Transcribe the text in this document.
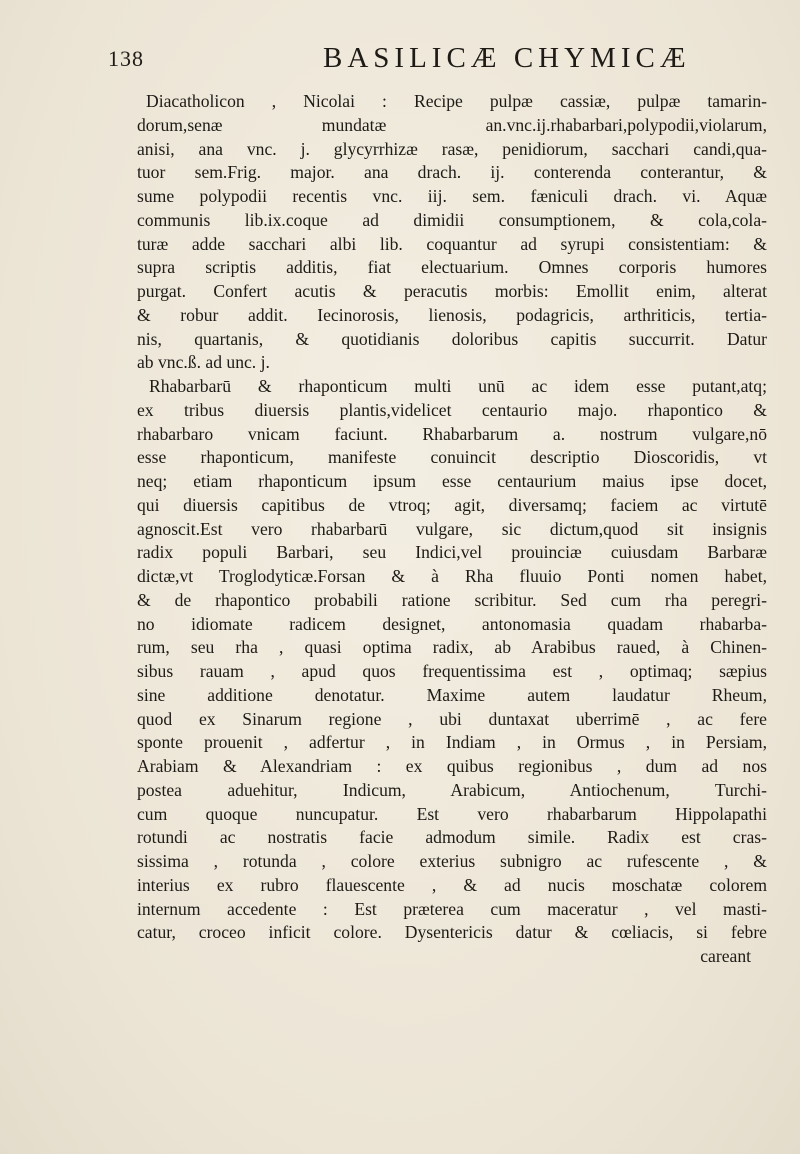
138	BASILICÆ CHYMICÆ
Diacatholicon , Nicolai : Recipe pulpæ cassiæ, pulpæ tamarin-
dorum,senæ mundatæ an.vnc.ij.rhabarbari,polypodii,violarum,
anisi, ana vnc. j. glycyrrhizæ rasæ, penidiorum, sacchari candi,qua-
tuor sem.Frig. major. ana drach. ij. conterenda conterantur, &
sume polypodii recentis vnc. iij. sem. fæniculi drach. vi. Aquæ
communis lib.ix.coque ad dimidii consumptionem, & cola,cola-
turæ adde sacchari albi lib. coquantur ad syrupi consistentiam: &
supra scriptis additis, fiat electuarium. Omnes corporis humores
purgat. Confert acutis & peracutis morbis: Emollit enim, alterat
& robur addit. Iecinorosis, lienosis, podagricis, arthriticis, tertia-
nis, quartanis, & quotidianis doloribus capitis succurrit. Datur
ab vnc.ß. ad unc. j.
Rhabarbarū & rhaponticum multi unū ac idem esse putant,atq;
ex tribus diuersis plantis,videlicet centaurio majo. rhapontico &
rhabarbaro vnicam faciunt. Rhabarbarum a. nostrum vulgare,nō
esse rhaponticum, manifeste conuincit descriptio Dioscoridis, vt
neq; etiam rhaponticum ipsum esse centaurium maius ipse docet,
qui diuersis capitibus de vtroq; agit, diversamq; faciem ac virtutē
agnoscit.Est vero rhabarbarū vulgare, sic dictum,quod sit insignis
radix populi Barbari, seu Indici,vel prouinciæ cuiusdam Barbaræ
dictæ,vt Troglodyticæ.Forsan & à Rha fluuio Ponti nomen habet,
& de rhapontico probabili ratione scribitur. Sed cum rha peregri-
no idiomate radicem designet, antonomasia quadam rhabarba-
rum, seu rha , quasi optima radix, ab Arabibus raued, à Chinen-
sibus rauam , apud quos frequentissima est , optimaq; sæpius
sine additione denotatur. Maxime autem laudatur Rheum,
quod ex Sinarum regione , ubi duntaxat uberrimē , ac fere
sponte prouenit , adfertur , in Indiam , in Ormus , in Persiam,
Arabiam & Alexandriam : ex quibus regionibus , dum ad nos
postea aduehitur, Indicum, Arabicum, Antiochenum, Turchi-
cum quoque nuncupatur. Est vero rhabarbarum Hippolapathi
rotundi ac nostratis facie admodum simile. Radix est cras-
sissima , rotunda , colore exterius subnigro ac rufescente , &
interius ex rubro flauescente , & ad nucis moschatæ colorem
internum accedente : Est præterea cum maceratur , vel masti-
catur, croceo inficit colore. Dysentericis datur & cœliacis, si febre
careant
